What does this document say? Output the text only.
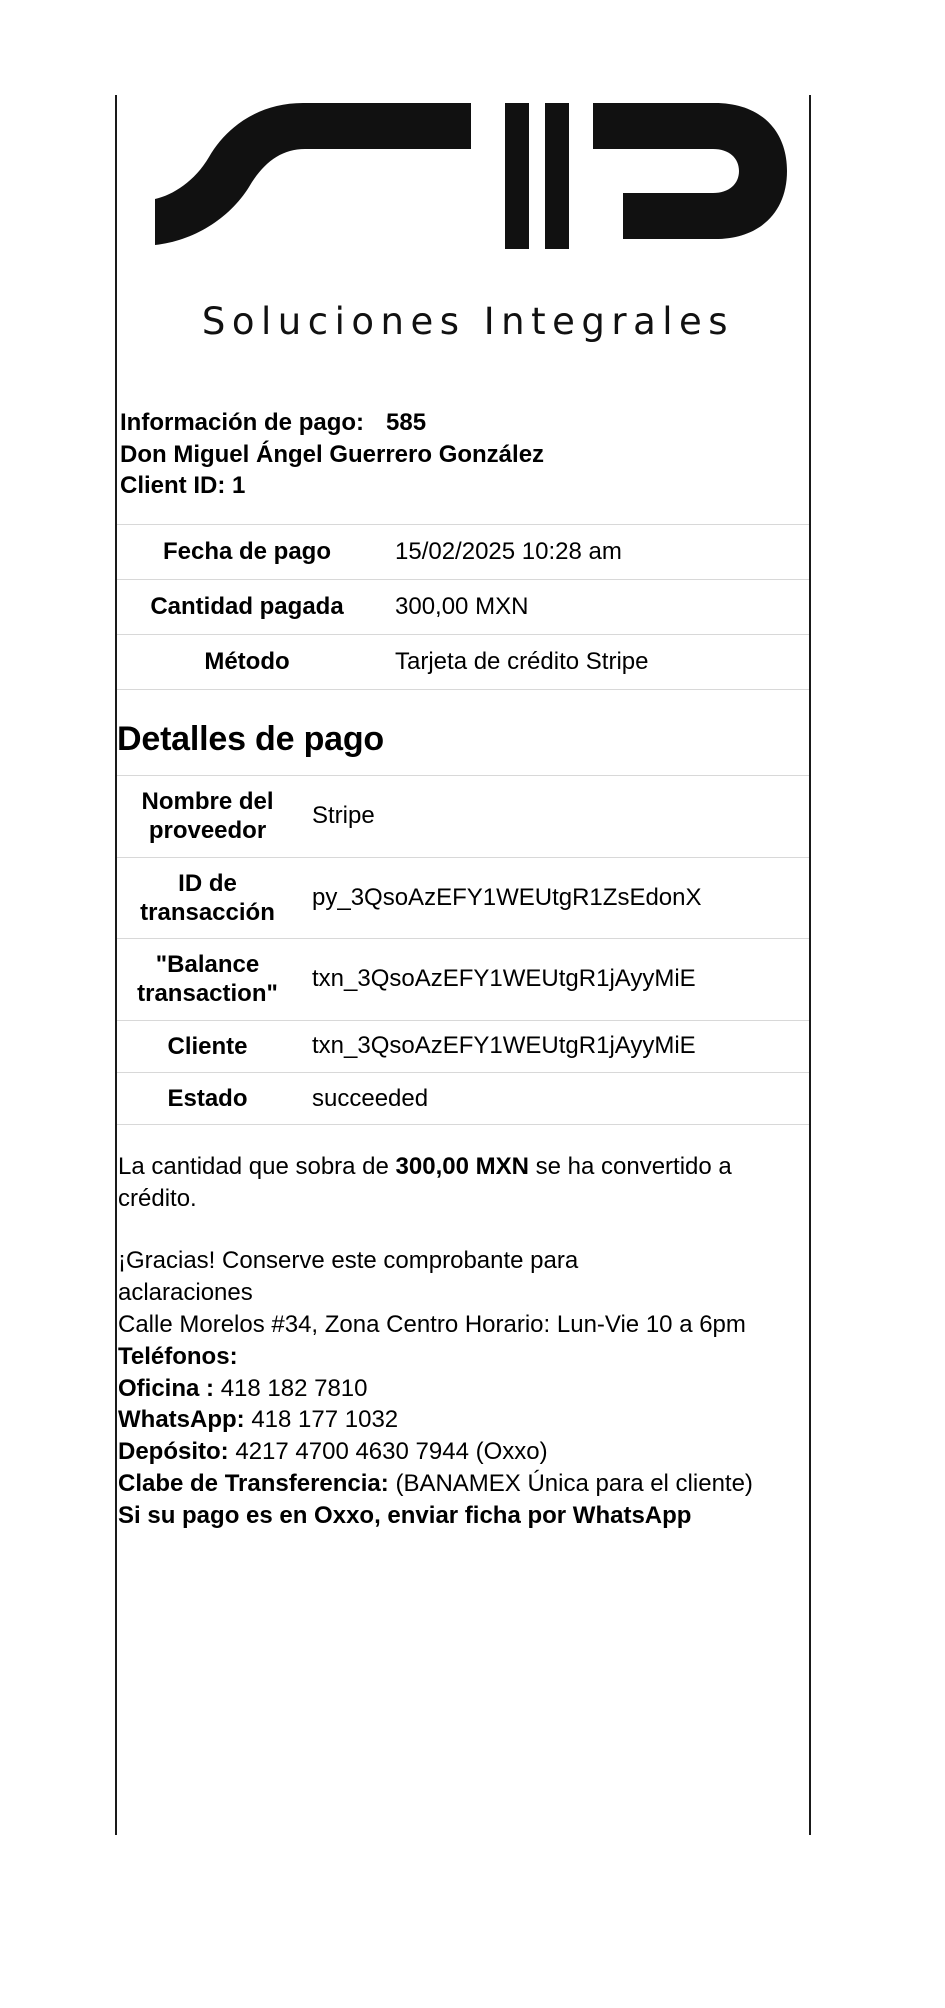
Soluciones Integrales
Información de pago: 585
Don Miguel Ángel Guerrero González
Client ID: 1
Fecha de pago	15/02/2025 10:28 am
Cantidad pagada	300,00 MXN
Método	Tarjeta de crédito Stripe
Detalles de pago
Nombre del proveedor	Stripe
ID de transacción	py_3QsoAzEFY1WEUtgR1ZsEdonX
"Balance transaction"	txn_3QsoAzEFY1WEUtgR1jAyyMiE
Cliente	txn_3QsoAzEFY1WEUtgR1jAyyMiE
Estado	succeeded
La cantidad que sobra de 300,00 MXN se ha convertido a crédito.

¡Gracias! Conserve este comprobante para

aclaraciones

Calle Morelos #34, Zona Centro Horario: Lun-Vie 10 a 6pm

Teléfonos:

Oficina : 418 182 7810

WhatsApp: 418 177 1032

Depósito: 4217 4700 4630 7944 (Oxxo)

Clabe de Transferencia: (BANAMEX Única para el cliente)

Si su pago es en Oxxo, enviar ficha por WhatsApp
